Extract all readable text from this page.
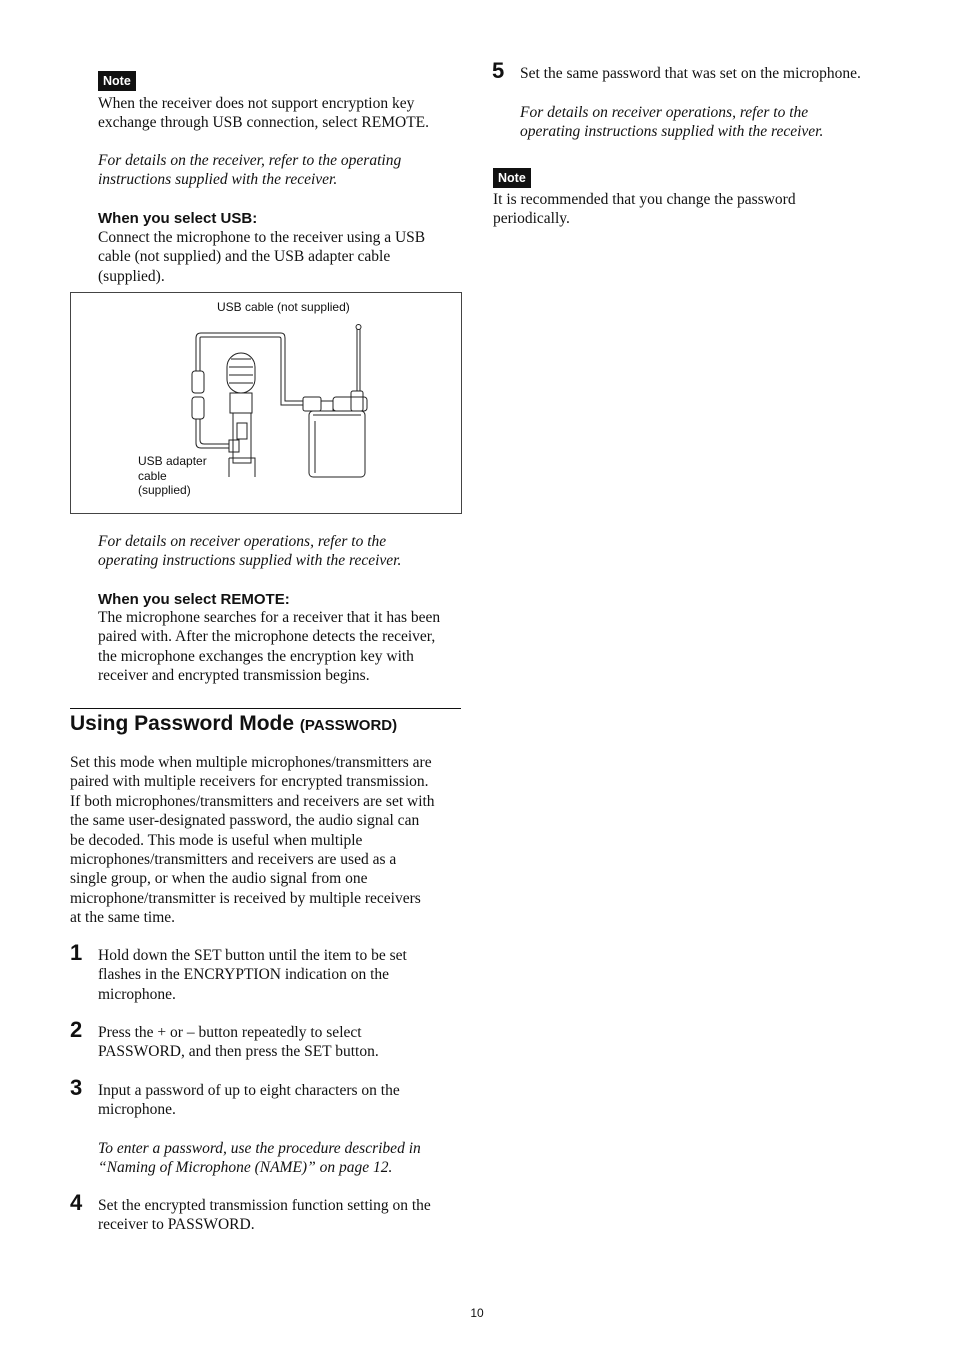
Note
When the receiver does not support encryption key
exchange through USB connection, select REMOTE.
For details on the receiver, refer to the operating
instructions supplied with the receiver.
When you select USB:
Connect the microphone to the receiver using a USB
cable (not supplied) and the USB adapter cable
(supplied).
USB cable (not supplied)
USB adapter
cable
(supplied)
For details on receiver operations, refer to the
operating instructions supplied with the receiver.
When you select REMOTE:
The microphone searches for a receiver that it has been
paired with. After the microphone detects the receiver,
the microphone exchanges the encryption key with
receiver and encrypted transmission begins.
Using Password Mode (PASSWORD)
Set this mode when multiple microphones/transmitters are
paired with multiple receivers for encrypted transmission.
If both microphones/transmitters and receivers are set with
the same user-designated password, the audio signal can
be decoded. This mode is useful when multiple
microphones/transmitters and receivers are used as a
single group, or when the audio signal from one
microphone/transmitter is received by multiple receivers
at the same time.
1 Hold down the SET button until the item to be set
flashes in the ENCRYPTION indication on the
microphone.
2 Press the + or – button repeatedly to select
PASSWORD, and then press the SET button.
3 Input a password of up to eight characters on the
microphone.
To enter a password, use the procedure described in
“Naming of Microphone (NAME)” on page 12.
4 Set the encrypted transmission function setting on the
receiver to PASSWORD.
5 Set the same password that was set on the microphone.
For details on receiver operations, refer to the
operating instructions supplied with the receiver.
Note
It is recommended that you change the password
periodically.
10
